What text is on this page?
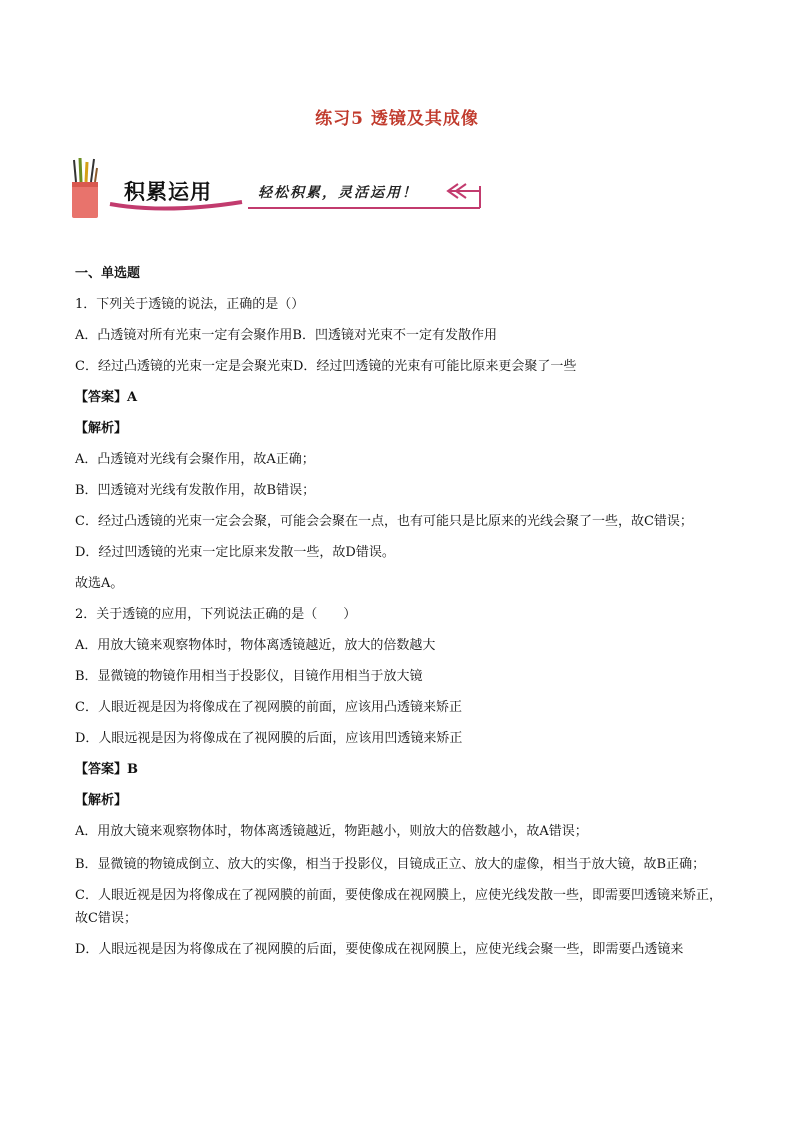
练习5 透镜及其成像
积累运用	轻松积累，灵活运用！
一、单选题
1．下列关于透镜的说法，正确的是（）
A．凸透镜对所有光束一定有会聚作用B．凹透镜对光束不一定有发散作用
C．经过凸透镜的光束一定是会聚光束D．经过凹透镜的光束有可能比原来更会聚了一些
【答案】A
【解析】
A．凸透镜对光线有会聚作用，故A正确；
B．凹透镜对光线有发散作用，故B错误；
C．经过凸透镜的光束一定会会聚，可能会会聚在一点，也有可能只是比原来的光线会聚了一些，故C错误；
D．经过凹透镜的光束一定比原来发散一些，故D错误。
故选A。
2．关于透镜的应用，下列说法正确的是（　　）
A．用放大镜来观察物体时，物体离透镜越近，放大的倍数越大
B．显微镜的物镜作用相当于投影仪，目镜作用相当于放大镜
C．人眼近视是因为将像成在了视网膜的前面，应该用凸透镜来矫正
D．人眼远视是因为将像成在了视网膜的后面，应该用凹透镜来矫正
【答案】B
【解析】
A．用放大镜来观察物体时，物体离透镜越近，物距越小，则放大的倍数越小，故A错误；
B．显微镜的物镜成倒立、放大的实像，相当于投影仪，目镜成正立、放大的虚像，相当于放大镜，故B正确；
C．人眼近视是因为将像成在了视网膜的前面，要使像成在视网膜上，应使光线发散一些，即需要凹透镜来矫正，故C错误；
D．人眼远视是因为将像成在了视网膜的后面，要使像成在视网膜上，应使光线会聚一些，即需要凸透镜来
